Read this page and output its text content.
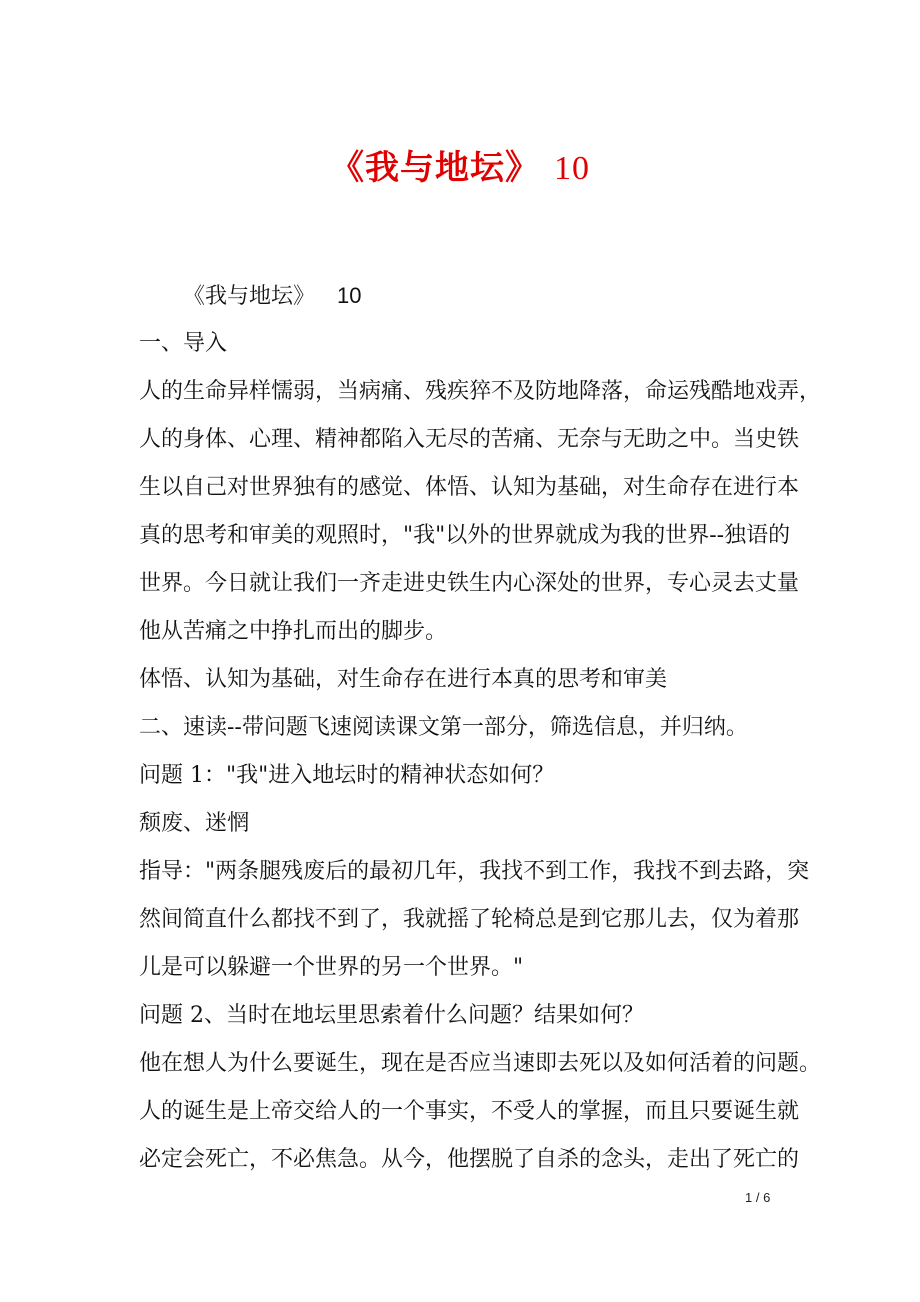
《我与地坛》 10
《我与地坛》 10
一、导入
人的生命异样懦弱，当病痛、残疾猝不及防地降落，命运残酷地戏弄，
人的身体、心理、精神都陷入无尽的苦痛、无奈与无助之中。当史铁
生以自己对世界独有的感觉、体悟、认知为基础，对生命存在进行本
真的思考和审美的观照时，"我"以外的世界就成为我的世界--独语的
世界。今日就让我们一齐走进史铁生内心深处的世界，专心灵去丈量
他从苦痛之中挣扎而出的脚步。
体悟、认知为基础，对生命存在进行本真的思考和审美
二、速读--带问题飞速阅读课文第一部分，筛选信息，并归纳。
问题 1："我"进入地坛时的精神状态如何？
颓废、迷惘
指导："两条腿残废后的最初几年，我找不到工作，我找不到去路，突
然间简直什么都找不到了，我就摇了轮椅总是到它那儿去，仅为着那
儿是可以躲避一个世界的另一个世界。"
问题 2、当时在地坛里思索着什么问题？结果如何？
他在想人为什么要诞生，现在是否应当速即去死以及如何活着的问题。
人的诞生是上帝交给人的一个事实，不受人的掌握，而且只要诞生就
必定会死亡，不必焦急。从今，他摆脱了自杀的念头，走出了死亡的
1 / 6
